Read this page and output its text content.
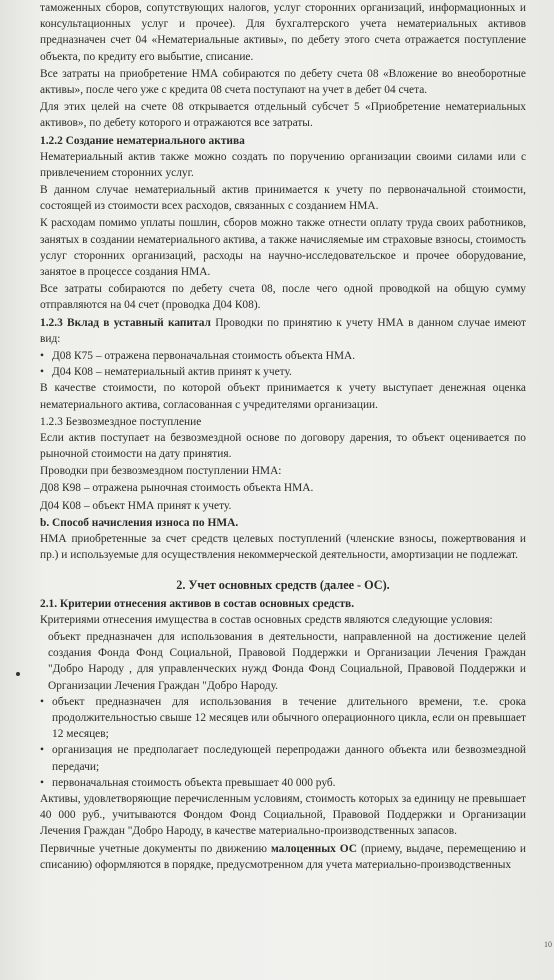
таможенных сборов, сопутствующих налогов, услуг сторонних организаций, информационных и консультационных услуг и прочее). Для бухгалтерского учета нематериальных активов предназначен счет 04 «Нематериальные активы», по дебету этого счета отражается поступление объекта, по кредиту его выбытие, списание.

Все затраты на приобретение НМА собираются по дебету счета 08 «Вложение во внеоборотные активы», после чего уже с кредита 08 счета поступают на учет в дебет 04 счета.

Для этих целей на счете 08 открывается отдельный субсчет 5 «Приобретение нематериальных активов», по дебету которого и отражаются все затраты.

1.2.2 Создание нематериального актива

Нематериальный актив также можно создать по поручению организации своими силами или с привлечением сторонних услуг.

В данном случае нематериальный актив принимается к учету по первоначальной стоимости, состоящей из стоимости всех расходов, связанных с созданием НМА.

К расходам помимо уплаты пошлин, сборов можно также отнести оплату труда своих работников, занятых в создании нематериального актива, а также начисляемые им страховые взносы, стоимость услуг сторонних организаций, расходы на научно-исследовательское и прочее оборудование, занятое в процессе создания НМА.

Все затраты собираются по дебету счета 08, после чего одной проводкой на общую сумму отправляются на 04 счет (проводка Д04 К08).

1.2.3 Вклад в уставный капитал Проводки по принятию к учету НМА в данном случае имеют вид:

• Д08 К75 – отражена первоначальная стоимость объекта НМА.
• Д04 К08 – нематериальный актив принят к учету.

В качестве стоимости, по которой объект принимается к учету выступает денежная оценка нематериального актива, согласованная с учредителями организации.

1.2.3 Безвозмездное поступление

Если актив поступает на безвозмездной основе по договору дарения, то объект оценивается по рыночной стоимости на дату принятия.

Проводки при безвозмездном поступлении НМА:

Д08 К98 – отражена рыночная стоимость объекта НМА.

Д04 К08 – объект НМА принят к учету.

b. Способ начисления износа по НМА.

НМА приобретенные за счет средств целевых поступлений (членские взносы, пожертвования и пр.) и используемые для осуществления некоммерческой деятельности, амортизации не подлежат.

2. Учет основных средств (далее - ОС).

2.1. Критерии отнесения активов в состав основных средств.

Критериями отнесения имущества в состав основных средств являются следующие условия:

объект предназначен для использования в деятельности, направленной на достижение целей создания Фонда Фонд Социальной, Правовой Поддержки и Организации Лечения Граждан "Добро Народу , для управленческих нужд Фонда Фонд Социальной, Правовой Поддержки и Организации Лечения Граждан "Добро Народу.
• объект предназначен для использования в течение длительного времени, т.е. срока продолжительностью свыше 12 месяцев или обычного операционного цикла, если он превышает 12 месяцев;
• организация не предполагает последующей перепродажи данного объекта или безвозмездной передачи;
• первоначальная стоимость объекта превышает 40 000 руб.

Активы, удовлетворяющие перечисленным условиям, стоимость которых за единицу не превышает 40 000 руб., учитываются Фондом Фонд Социальной, Правовой Поддержки и Организации Лечения Граждан "Добро Народу, в качестве материально-производственных запасов.

Первичные учетные документы по движению малоценных ОС (приему, выдаче, перемещению и списанию) оформляются в порядке, предусмотренном для учета материально-производственных

10
